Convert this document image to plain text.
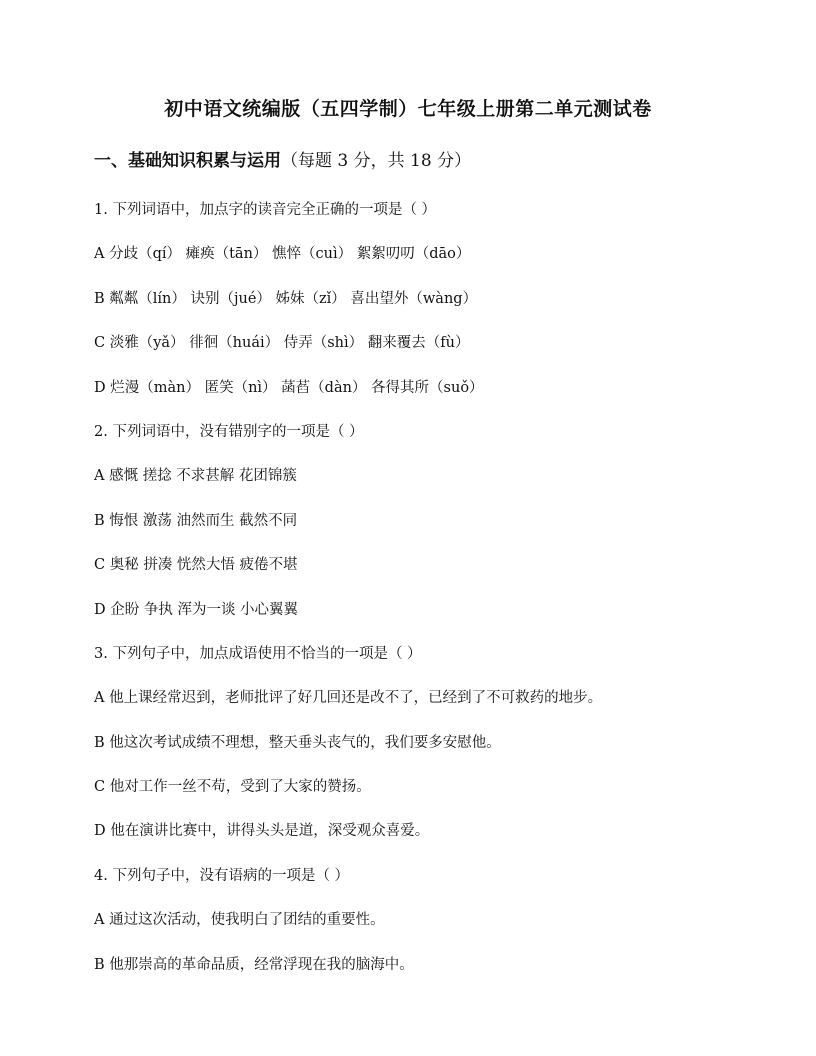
初中语文统编版（五四学制）七年级上册第二单元测试卷
一、基础知识积累与运用（每题 3 分，共 18 分）
1. 下列词语中，加点字的读音完全正确的一项是（ ）
A 分歧（qí） 瘫痪（tān） 憔悴（cuì） 絮絮叨叨（dāo）
B 粼粼（lín） 诀别（jué） 姊妹（zǐ） 喜出望外（wàng）
C 淡雅（yǎ） 徘徊（huái） 侍弄（shì） 翻来覆去（fù）
D 烂漫（màn） 匿笑（nì） 菡萏（dàn） 各得其所（suǒ）
2. 下列词语中，没有错别字的一项是（ ）
A 感慨 搓捻 不求甚解 花团锦簇
B 悔恨 激荡 油然而生 截然不同
C 奥秘 拼凑 恍然大悟 疲倦不堪
D 企盼 争执 浑为一谈 小心翼翼
3. 下列句子中，加点成语使用不恰当的一项是（ ）
A 他上课经常迟到，老师批评了好几回还是改不了，已经到了不可救药的地步。
B 他这次考试成绩不理想，整天垂头丧气的，我们要多安慰他。
C 他对工作一丝不苟，受到了大家的赞扬。
D 他在演讲比赛中，讲得头头是道，深受观众喜爱。
4. 下列句子中，没有语病的一项是（ ）
A 通过这次活动，使我明白了团结的重要性。
B 他那崇高的革命品质，经常浮现在我的脑海中。
